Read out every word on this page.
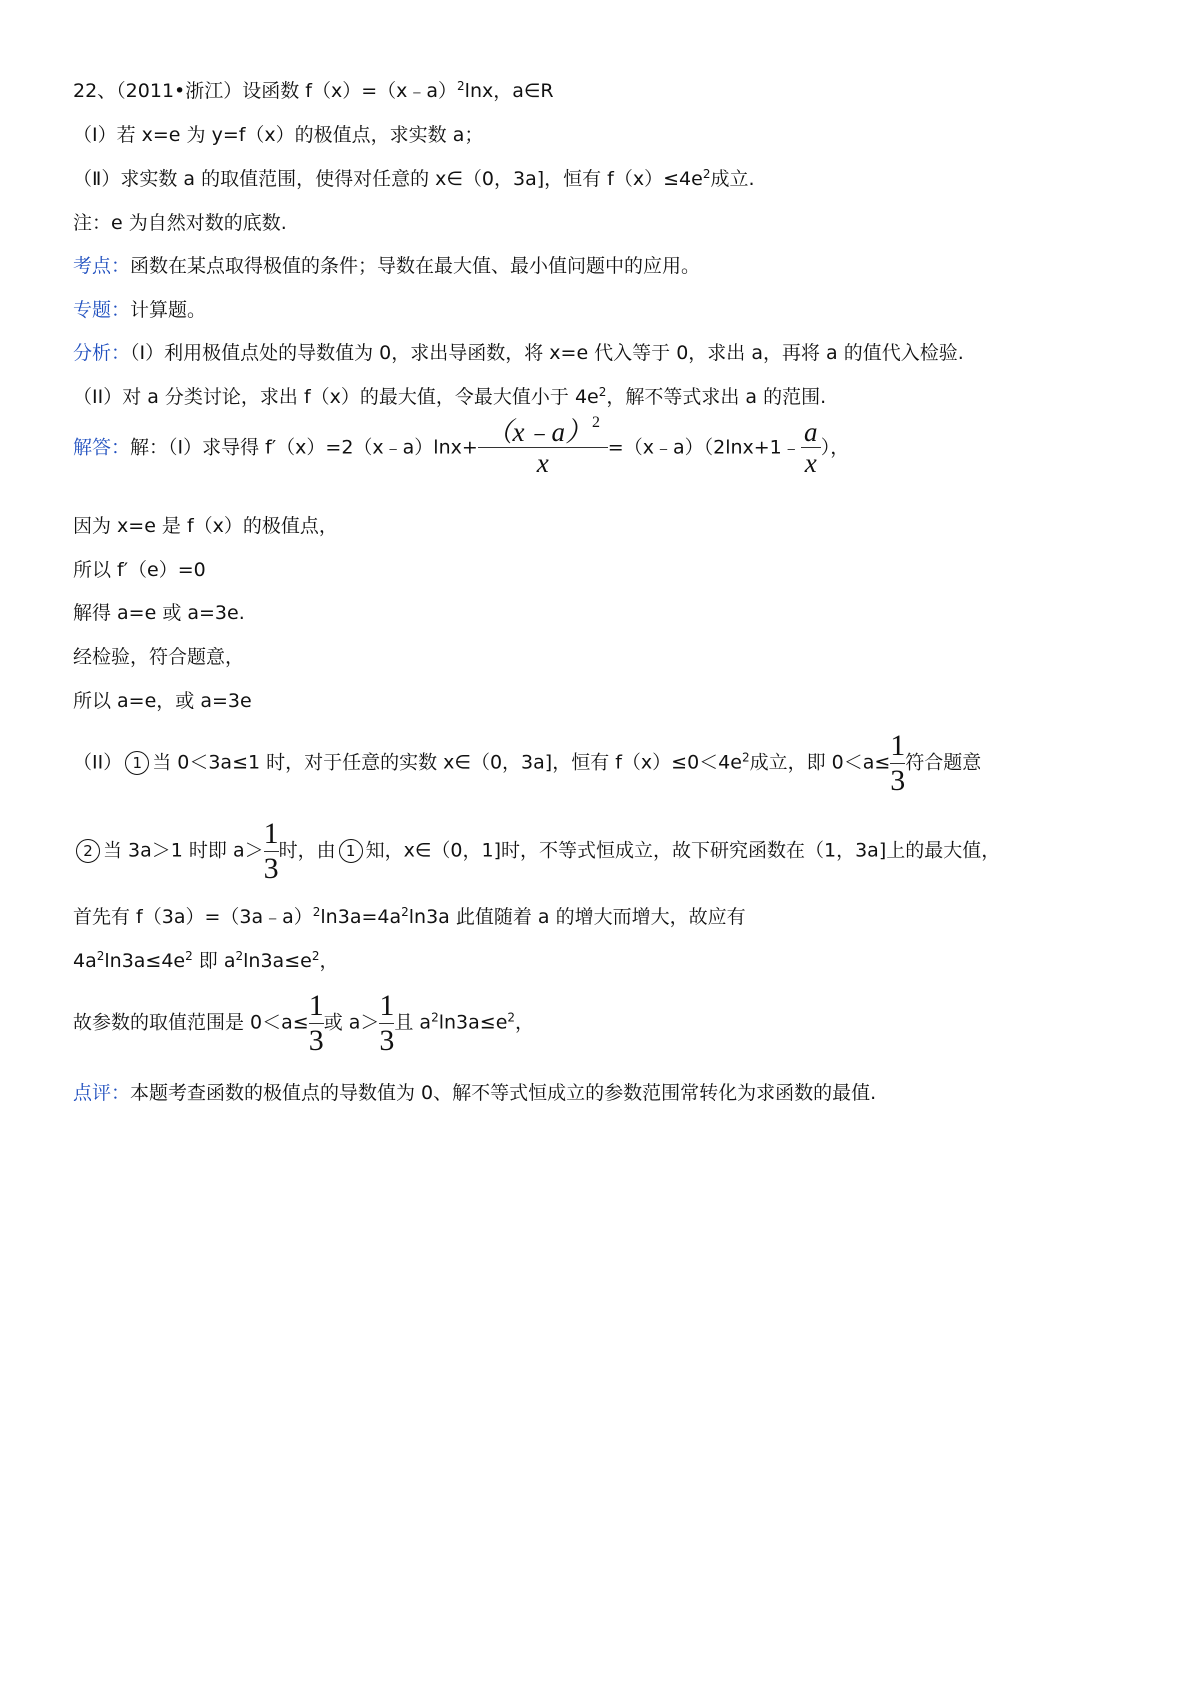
22、（2011•浙江）设函数 f（x）=（x﹣a）$^2$lnx，a∈R
（Ⅰ）若 x=e 为 y=f（x）的极值点，求实数 a；
（Ⅱ）求实数 a 的取值范围，使得对任意的 x∈（0，3a]，恒有 $f(x)\le 4e^2$成立.
注：e 为自然对数的底数.
考点：函数在某点取得极值的条件；导数在最大值、最小值问题中的应用。
专题：计算题。
分析：（I）利用极值点处的导数值为 0，求出导函数，将 x=e 代入等于 0，求出 a，再将 a 的值代入检验.
（II）对 a 分类讨论，求出 f（x）的最大值，令最大值小于 $4e^2$，解不等式求出 a 的范围.
解答：解：（I）求导得 f′（x）=2（x﹣a）lnx+ $\frac{(x﹣a)^2}{x}$ =（x﹣a）（2lnx+1﹣ $\frac{a}{x}$ ），
因为 x=e 是 f（x）的极值点，
所以 f′（e）=0
解得 a=e 或 a=3e.
经检验，符合题意，
所以 a=e，或 a=3e
（II） 1 当 0＜3a≤1 时，对于任意的实数 x∈（0，3a]，恒有 $f(x)\le 0<4e^2$成立，即 $0<a\le \frac{1}{3}$ 符合题意
2 当 3a＞1 时即 $a> \frac{1}{3}$ 时，由 1 知，x∈（0，1]时，不等式恒成立，故下研究函数在（1，3a]上的最大值，
首先有 $f(3a)=(3a﹣a)^2\ln 3a=4a^2\ln 3a$ 此值随着 a 的增大而增大，故应有
$4a^2\ln 3a\le 4e^2$ 即 $a^2\ln 3a\le e^2$，
故参数的取值范围是 $0<a\le \frac{1}{3}$ 或 $a> \frac{1}{3}$ 且 $a^2\ln 3a\le e^2$，
点评：本题考查函数的极值点的导数值为 0、解不等式恒成立的参数范围常转化为求函数的最值.
